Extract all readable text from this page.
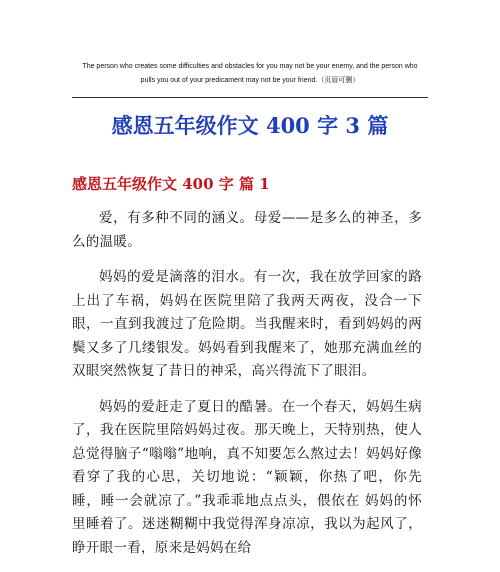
The person who creates some difficulties and obstacles for you may not be your enemy, and the person who
pulls you out of your predicament may not be your friend.（页眉可删）
感恩五年级作文 400 字 3 篇
感恩五年级作文 400 字 篇 1

爱，有多种不同的涵义。母爱——是多么的神圣，多么的温暖。

妈妈的爱是滴落的泪水。有一次，我在放学回家的路上出了车祸，妈妈在医院里陪了我两天两夜，没合一下眼，一直到我渡过了危险期。当我醒来时，看到妈妈的两鬓又多了几缕银发。妈妈看到我醒来了，她那充满血丝的双眼突然恢复了昔日的神采，高兴得流下了眼泪。

妈妈的爱赶走了夏日的酷暑。在一个春天，妈妈生病了，我在医院里陪妈妈过夜。那天晚上，天特别热，使人总觉得脑子“嗡嗡”地响，真不知要怎么熬过去！妈妈好像看穿了我的心思，关切地说：“颖颖，你热了吧，你先睡，睡一会就凉了。”我乖乖地点点头，偎依在 妈妈的怀里睡着了。迷迷糊糊中我觉得浑身凉凉，我以为起风了，睁开眼一看，原来是妈妈在给
